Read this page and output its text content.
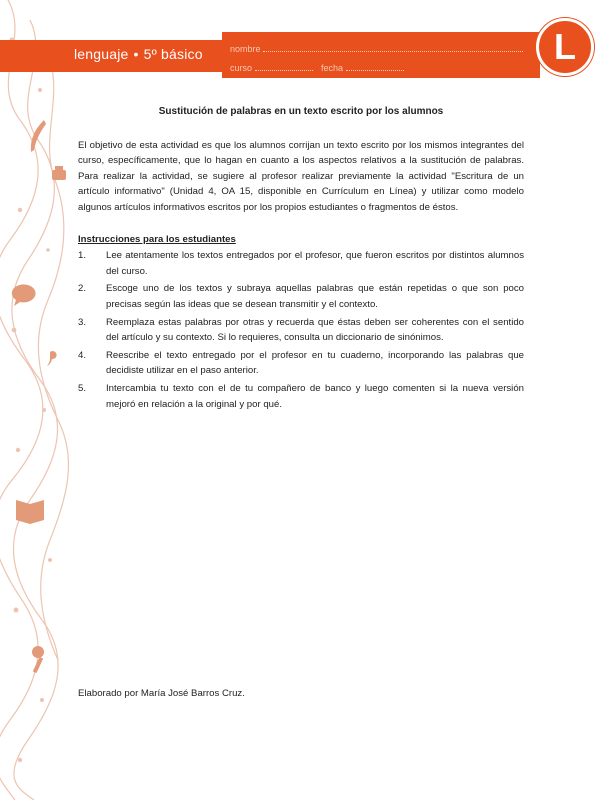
lenguaje • 5º básico	nombre
curso	fecha
L
Sustitución de palabras en un texto escrito por los alumnos
El objetivo de esta actividad es que los alumnos corrijan un texto escrito por los mismos integrantes del curso, específicamente, que lo hagan en cuanto a los aspectos relativos a la sustitución de palabras. Para realizar la actividad, se sugiere al profesor realizar previamente la actividad "Escritura de un artículo informativo" (Unidad 4, OA 15, disponible en Currículum en Línea) y utilizar como modelo algunos artículos informativos escritos por los propios estudiantes o fragmentos de éstos.
Instrucciones para los estudiantes
1.	Lee atentamente los textos entregados por el profesor, que fueron escritos por distintos alumnos del curso.
2.	Escoge uno de los textos y subraya aquellas palabras que están repetidas o que son poco precisas según las ideas que se desean transmitir y el contexto.
3.	Reemplaza estas palabras por otras y recuerda que éstas deben ser coherentes con el sentido del artículo y su contexto. Si lo requieres, consulta un diccionario de sinónimos.
4.	Reescribe el texto entregado por el profesor en tu cuaderno, incorporando las palabras que decidiste utilizar en el paso anterior.
5.	Intercambia tu texto con el de tu compañero de banco y luego comenten si la nueva versión mejoró en relación a la original y por qué.
Elaborado por María José Barros Cruz.
